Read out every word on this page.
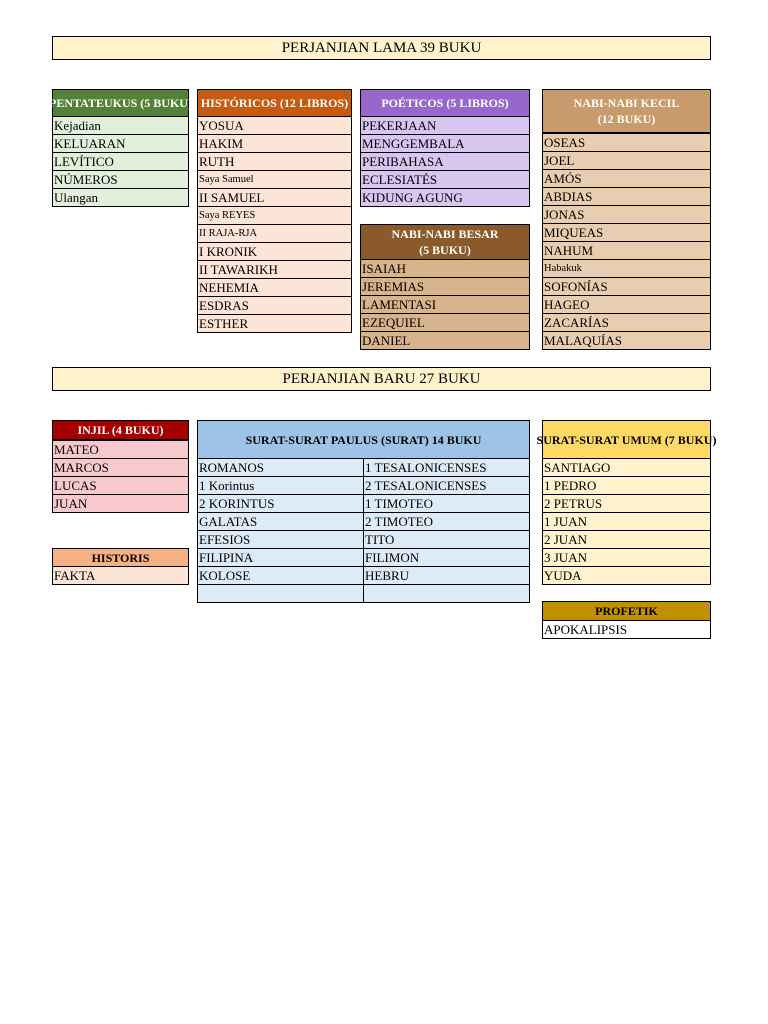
PERJANJIAN LAMA 39 BUKU
PENTATEUKUS (5 BUKU)
Kejadian
KELUARAN
LEVÍTICO
NÚMEROS
Ulangan
HISTÓRICOS (12 LIBROS)
YOSUA
HAKIM
RUTH
Saya Samuel
II SAMUEL
Saya REYES
II RAJA-RJA
I KRONIK
II TAWARIKH
NEHEMIA
ESDRAS
ESTHER
POÉTICOS (5 LIBROS)
PEKERJAAN
MENGGEMBALA
PERIBAHASA
ECLESIATÉS
KIDUNG AGUNG
NABI-NABI BESAR
(5 BUKU)
ISAIAH
JEREMIAS
LAMENTASI
EZEQUIEL
DANIEL
NABI-NABI KECIL
(12 BUKU)
OSEAS
JOEL
AMÓS
ABDIAS
JONAS
MIQUEAS
NAHUM
Habakuk
SOFONÍAS
HAGEO
ZACARÍAS
MALAQUÍAS
PERJANJIAN BARU 27 BUKU
INJIL (4 BUKU)
MATEO
MARCOS
LUCAS
JUAN
HISTORIS
FAKTA
SURAT-SURAT PAULUS (SURAT) 14 BUKU
ROMANOS
1 Korintus
2 KORINTUS
GALATAS
EFESIOS
FILIPINA
KOLOSE
1 TESALONICENSES
2 TESALONICENSES
1 TIMOTEO
2 TIMOTEO
TITO
FILIMON
HEBRU
SURAT-SURAT UMUM (7 BUKU)
SANTIAGO
1 PEDRO
2 PETRUS
1 JUAN
2 JUAN
3 JUAN
YUDA
PROFETIK
APOKALIPSIS
